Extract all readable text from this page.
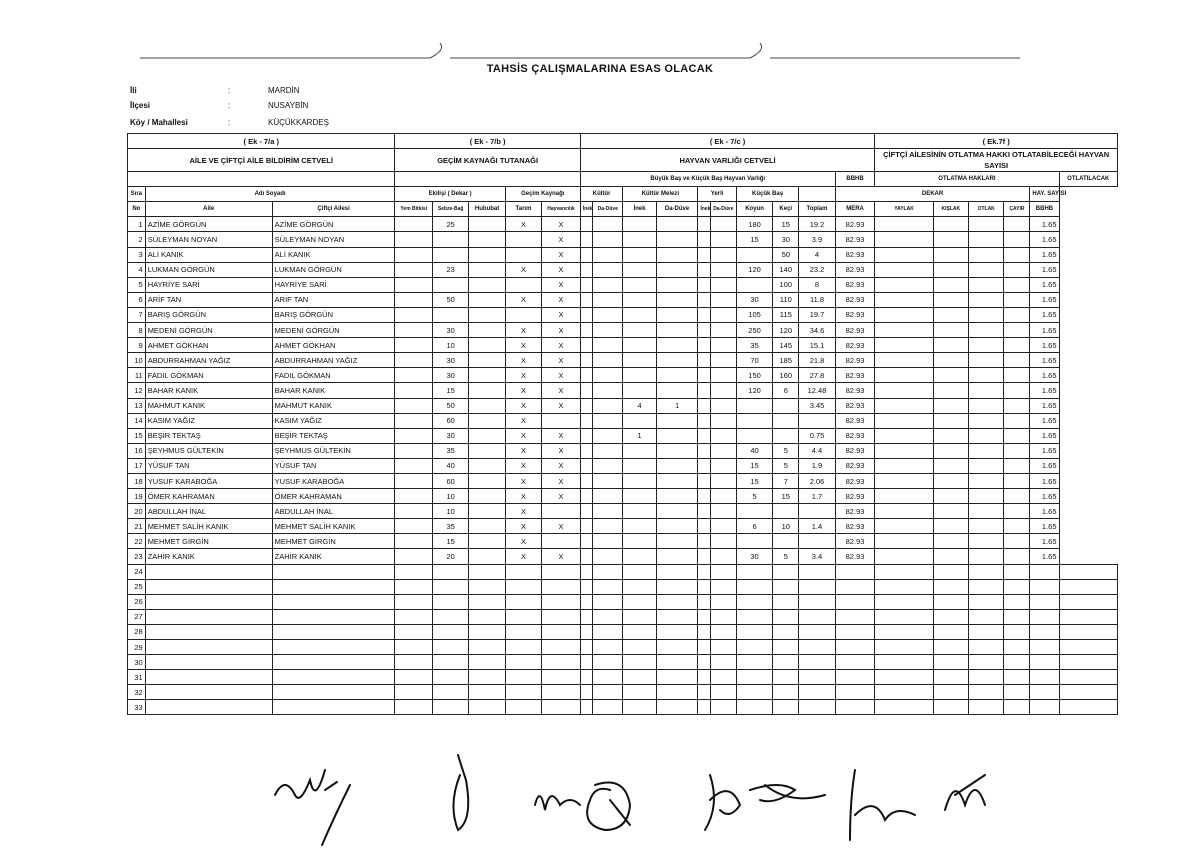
TAHSİS ÇALIŞMALARINA ESAS OLACAK
İli	:	MARDİN
İlçesi	:	NUSAYBİN
Köy / Mahallesi	:	KÜÇÜKKARDEŞ
( Ek - 7/a )			( Ek - 7/b )					( Ek - 7/c )										( Ek.7f )					
AİLE VE ÇİFTÇİ AİLE BİLDİRİM CETVELİ			GEÇİM KAYNAĞI TUTANAĞI					HAYVAN VARLIĞI CETVELİ										ÇİFTÇİ AİLESİNİN OTLATMA HAKKI OTLATABİLECEĞİ HAYVAN SAYISI					
								Büyük Baş ve Küçük Baş Hayvan Varlığı									BBHB	OTLATMA HAKLARI					OTLATILACAK
Sıra	Adı Soyadı		Ekilişi ( Dekar )			Geçim Kaynağı		Kültür		Kültür Melezi		Yerli		Küçük Baş			DEKAR					HAY. SAYISI	
No	Aile	Çiftçi Ailesi	Yem Bitkisi	Sebze-Bağ	Hububat	Tarım	Hayvancılık	İnek	Da-Düve	İnek	Da-Düve	İnek	Da-Düve	Koyun	Keçi	Toplam	MERA	YAYLAK	KIŞLAK	OTLAK	ÇAYIR	BBHB	
1	AZİME GÖRGÜN	AZİME GÖRGÜN		25		X	X							180	15	19.2	82.93					1.65	
2	SÜLEYMAN NOYAN	SÜLEYMAN NOYAN					X							15	30	3.9	82.93					1.65	
3	ALİ KANIK	ALİ KANIK					X								50	4	82.93					1.65	
4	LUKMAN GÖRGÜN	LUKMAN GÖRGÜN		23		X	X							120	140	23.2	82.93					1.65	
5	HAYRİYE SARİ	HAYRİYE SARİ					X								100	8	82.93					1.65	
6	ARİF TAN	ARİF TAN		50		X	X							30	110	11.8	82.93					1.65	
7	BARIŞ GÖRGÜN	BARIŞ GÖRGÜN					X							105	115	19.7	82.93					1.65	
8	MEDENİ GÖRGÜN	MEDENİ GÖRGÜN		30		X	X							250	120	34.6	82.93					1.65	
9	AHMET GÖKHAN	AHMET GÖKHAN		10		X	X							35	145	15.1	82.93					1.65	
10	ABDURRAHMAN YAĞIZ	ABDURRAHMAN YAĞIZ		30		X	X							70	185	21.8	82.93					1.65	
11	FADIL GÖKMAN	FADIL GÖKMAN		30		X	X							150	160	27.8	82.93					1.65	
12	BAHAR KANIK	BAHAR KANIK		15		X	X							120	6	12.48	82.93					1.65	
13	MAHMUT KANIK	MAHMUT KANIK		50		X	X			4	1					3.45	82.93					1.65	
14	KASIM YAĞIZ	KASIM YAĞIZ		60		X											82.93					1.65	
15	BEŞİR TEKTAŞ	BEŞİR TEKTAŞ		30		X	X			1						0.75	82.93					1.65	
16	ŞEYHMUS GÜLTEKİN	ŞEYHMUS GÜLTEKİN		35		X	X							40	5	4.4	82.93					1.65	
17	YÜSUF TAN	YÜSUF TAN		40		X	X							15	5	1.9	82.93					1.65	
18	YUSUF KARABOĞA	YUSUF KARABOĞA		60		X	X							15	7	2.06	82.93					1.65	
19	ÖMER KAHRAMAN	ÖMER KAHRAMAN		10		X	X							5	15	1.7	82.93					1.65	
20	ABDULLAH İNAL	ABDULLAH İNAL		10		X											82.93					1.65	
21	MEHMET SALİH KANIK	MEHMET SALİH KANIK		35		X	X							6	10	1.4	82.93					1.65	
22	MEHMET GİRGİN	MEHMET GİRGİN		15		X											82.93					1.65	
23	ZAHİR KANIK	ZAHİR KANIK		20		X	X							30	5	3.4	82.93					1.65	
24																							
25																							
26																							
27																							
28																							
29																							
30																							
31																							
32																							
33																							
